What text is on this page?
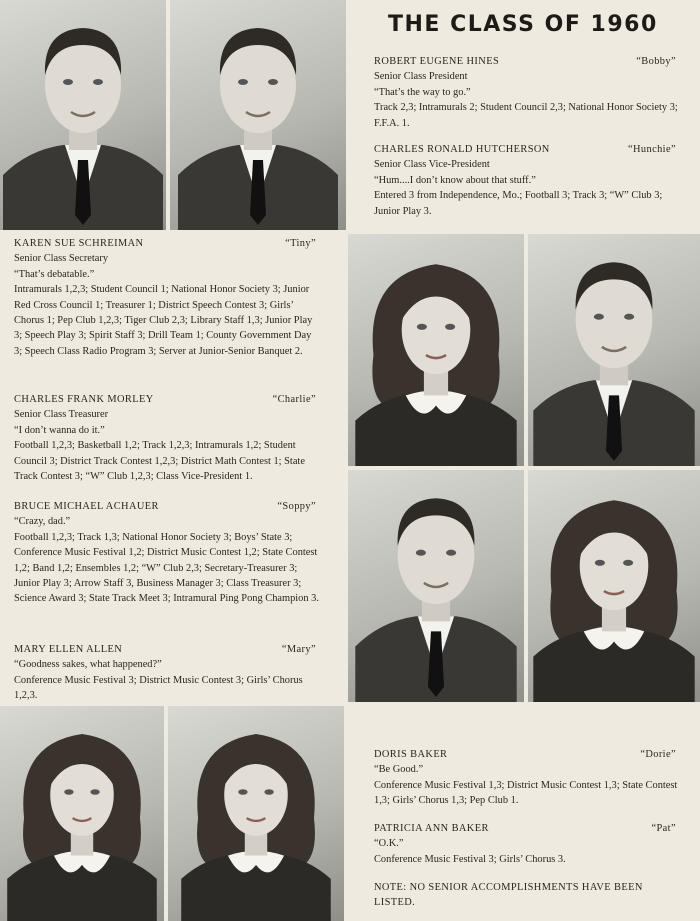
THE CLASS OF 1960
ROBERT EUGENE HINES	“Bobby”

Senior Class President

“That’s the way to go.”

Track 2,3; Intramurals 2; Student Council 2,3; National Honor Society 3; F.F.A. 1.

CHARLES RONALD HUTCHERSON	“Hunchie”

Senior Class Vice-President

“Hum....I don’t know about that stuff.”

Entered 3 from Independence, Mo.; Football 3; Track 3; “W” Club 3; Junior Play 3.

KAREN SUE SCHREIMAN	“Tiny”

Senior Class Secretary

“That’s debatable.”

Intramurals 1,2,3; Student Council 1; National Honor Society 3; Junior Red Cross Council 1; Treasurer 1; District Speech Contest 3; Girls’ Chorus 1; Pep Club 1,2,3; Tiger Club 2,3; Library Staff 1,3; Junior Play 3; Speech Play 3; Spirit Staff 3; Drill Team 1; County Government Day 3; Speech Class Radio Program 3; Server at Junior-Senior Banquet 2.

CHARLES FRANK MORLEY	“Charlie”

Senior Class Treasurer

“I don’t wanna do it.”

Football 1,2,3; Basketball 1,2; Track 1,2,3; Intramurals 1,2; Student Council 3; District Track Contest 1,2,3; District Math Contest 1; State Track Contest 3; “W” Club 1,2,3; Class Vice-President 1.

BRUCE MICHAEL ACHAUER	“Soppy”

“Crazy, dad.”

Football 1,2,3; Track 1,3; National Honor Society 3; Boys’ State 3; Conference Music Festival 1,2; District Music Contest 1,2; State Contest 1,2; Band 1,2; Ensembles 1,2; “W” Club 2,3; Secretary-Treasurer 3; Junior Play 3; Arrow Staff 3, Business Manager 3; Class Treasurer 3; Science Award 3; State Track Meet 3; Intramural Ping Pong Champion 3.

MARY ELLEN ALLEN	“Mary”

“Goodness sakes, what happened?”

Conference Music Festival 3; District Music Contest 3; Girls’ Chorus 1,2,3.

DORIS BAKER	“Dorie”

“Be Good.”

Conference Music Festival 1,3; District Music Contest 1,3; State Contest 1,3; Girls’ Chorus 1,3; Pep Club 1.

PATRICIA ANN BAKER	“Pat”

“O.K.”

Conference Music Festival 3; Girls’ Chorus 3.

NOTE: NO SENIOR ACCOMPLISHMENTS HAVE BEEN LISTED.
